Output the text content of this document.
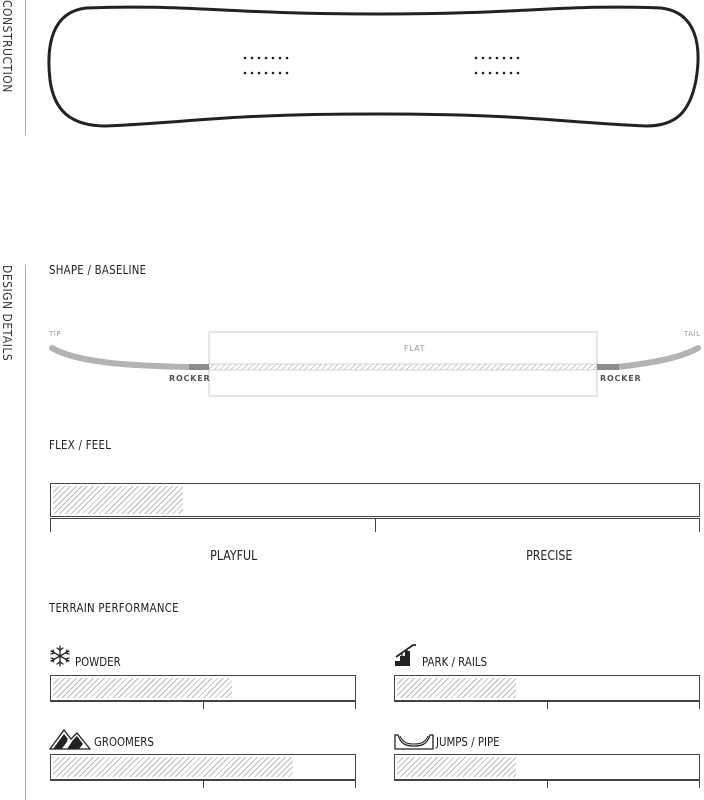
CONSTRUCTION
DESIGN DETAILS	SHAPE / BASELINE
TIP	TAIL
FLAT
ROCKER	ROCKER
FLEX / FEEL
PLAYFUL	PRECISE
TERRAIN PERFORMANCE
POWDER	PARK / RAILS
GROOMERS	JUMPS / PIPE
